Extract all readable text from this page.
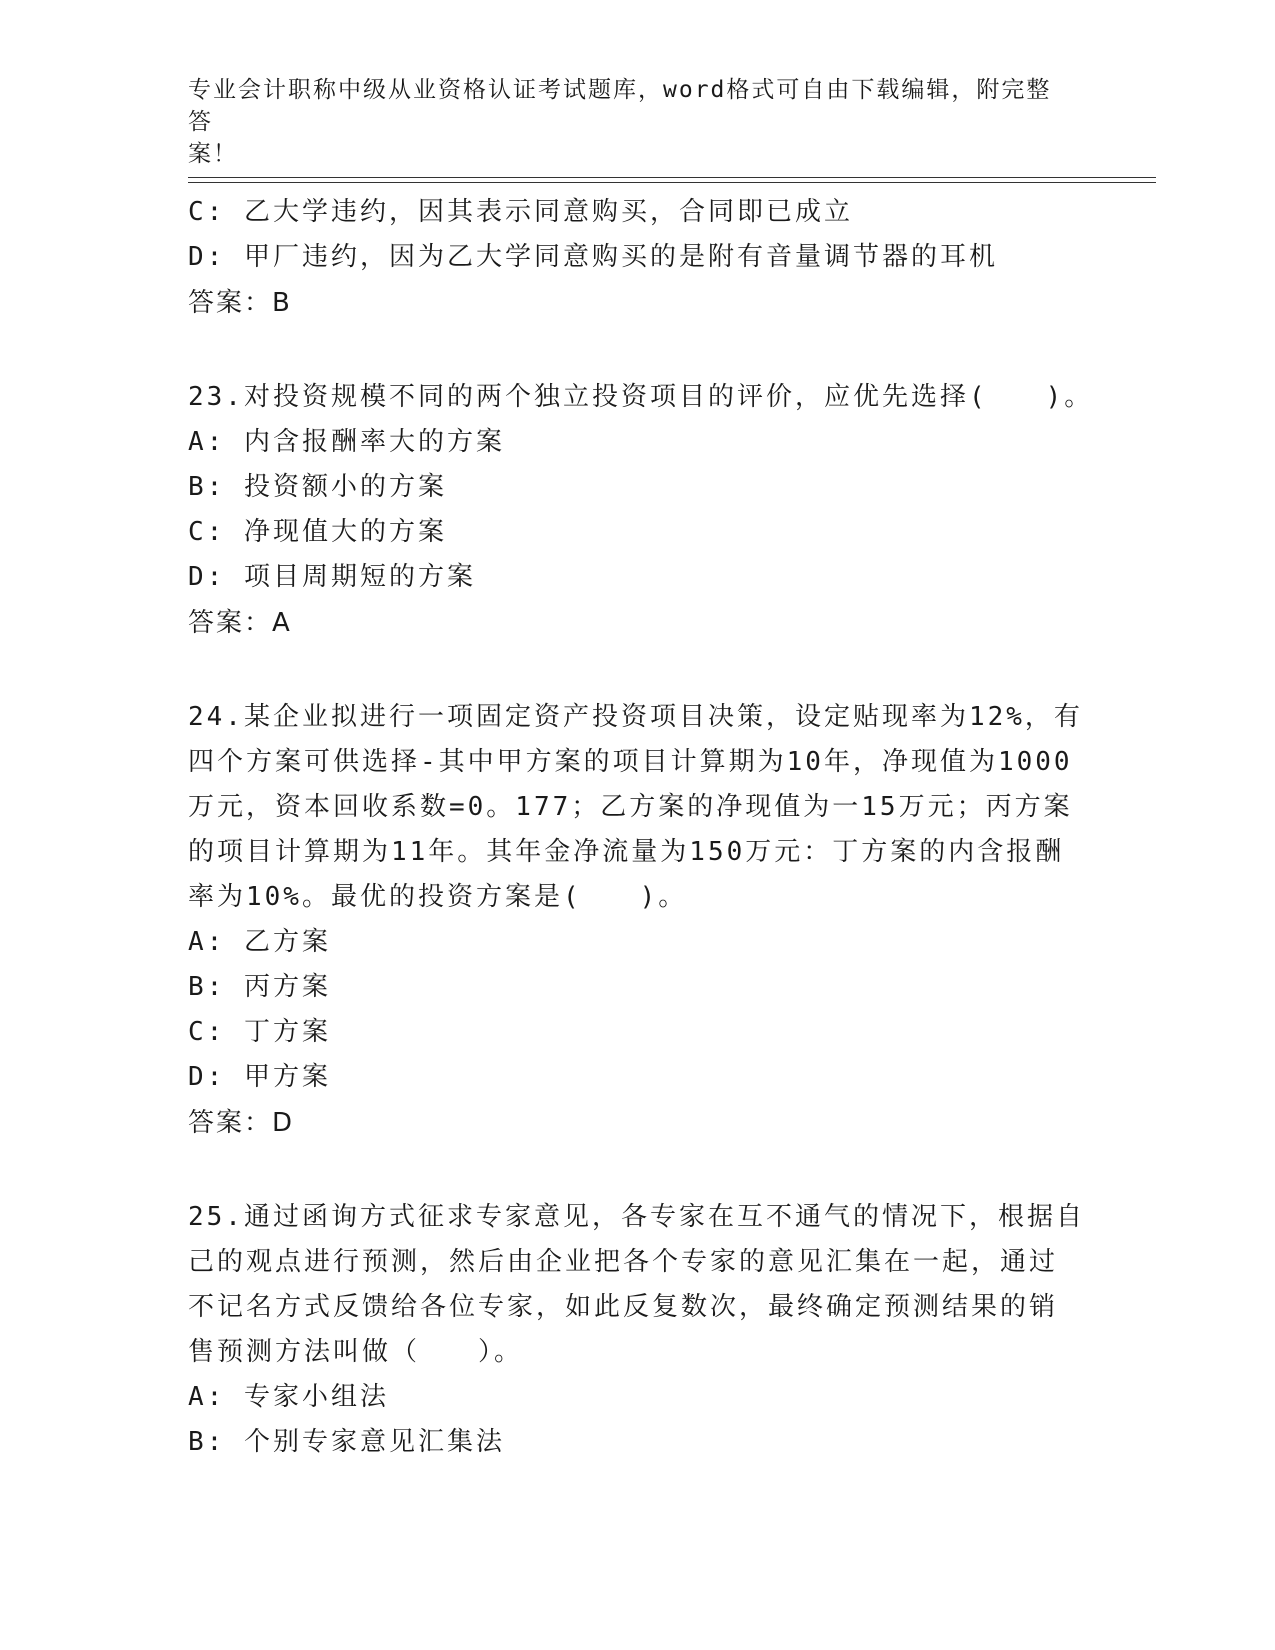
专业会计职称中级从业资格认证考试题库，word格式可自由下载编辑，附完整答
案！
C: 乙大学违约，因其表示同意购买，合同即已成立
D: 甲厂违约，因为乙大学同意购买的是附有音量调节器的耳机
答案：B
23.对投资规模不同的两个独立投资项目的评价，应优先选择(　　)。
A: 内含报酬率大的方案
B: 投资额小的方案
C: 净现值大的方案
D: 项目周期短的方案
答案：A
24.某企业拟进行一项固定资产投资项目决策，设定贴现率为12%，有
四个方案可供选择-其中甲方案的项目计算期为10年，净现值为1000
万元，资本回收系数=0。177；乙方案的净现值为一15万元；丙方案
的项目计算期为11年。其年金净流量为150万元：丁方案的内含报酬
率为10%。最优的投资方案是(　　)。
A: 乙方案
B: 丙方案
C: 丁方案
D: 甲方案
答案：D
25.通过函询方式征求专家意见，各专家在互不通气的情况下，根据自
己的观点进行预测，然后由企业把各个专家的意见汇集在一起，通过
不记名方式反馈给各位专家，如此反复数次，最终确定预测结果的销
售预测方法叫做（　　）。
A: 专家小组法
B: 个别专家意见汇集法
